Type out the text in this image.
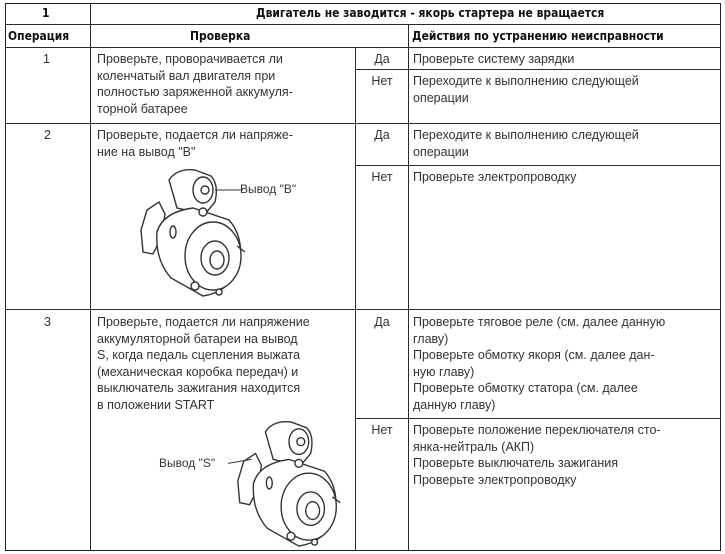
1	Двигатель не заводится - якорь стартера не вращается
Операция	Проверка	Действия по устранению неисправности
1	Проверьте, проворачивается ли
коленчатый вал двигателя при
полностью заряженной аккумуля-
торной батарее
Да	Проверьте систему зарядки
Нет	Переходите к выполнению следующей
операции
2	Проверьте, подается ли напряже-
ние на вывод "В"
Да	Переходите к выполнению следующей
операции
Нет	Проверьте электропроводку
Вывод "В"
3	Проверьте, подается ли напряжение
аккумуляторной батареи на вывод
S, когда педаль сцепления выжата
(механическая коробка передач) и
выключатель зажигания находится
в положении START
Да	Проверьте тяговое реле (см. далее данную
главу)
Проверьте обмотку якоря (см. далее дан-
ную главу)
Проверьте обмотку статора (см. далее
данную главу)
Нет	Проверьте положение переключателя сто-
янка-нейтраль (АКП)
Проверьте выключатель зажигания
Проверьте электропроводку
Вывод "S"
